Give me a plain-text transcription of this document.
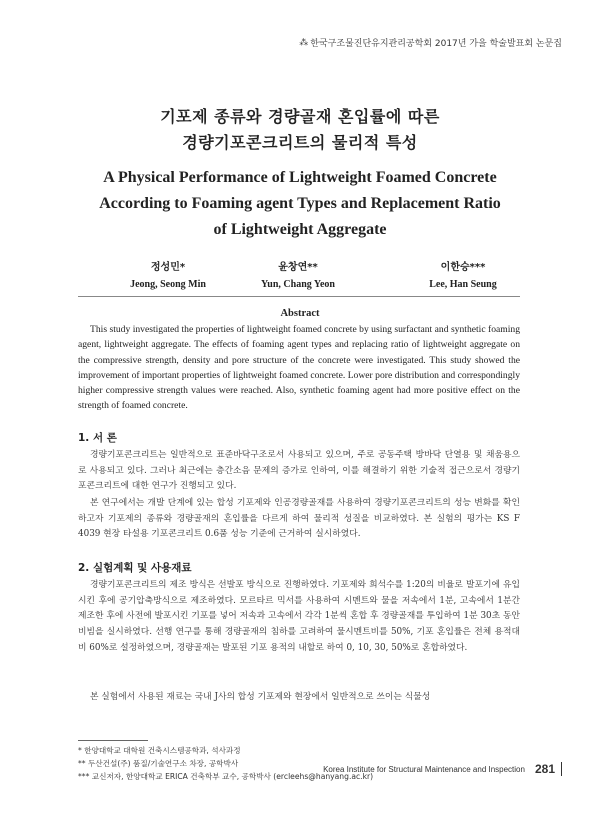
⁂ 한국구조물진단유지관리공학회 2017년 가을 학술발표회 논문집
기포제 종류와 경량골재 혼입률에 따른
경량기포콘크리트의 물리적 특성
A Physical Performance of Lightweight Foamed Concrete
According to Foaming agent Types and Replacement Ratio
of Lightweight Aggregate
정성민*
Jeong, Seong Min
윤창연**
Yun, Chang Yeon
이한승***
Lee, Han Seung
Abstract

This study investigated the properties of lightweight foamed concrete by using surfactant and synthetic foaming agent, lightweight aggregate. The effects of foaming agent types and replacing ratio of lightweight aggregate on the compressive strength, density and pore structure of the concrete were investigated. This study showed the improvement of important properties of lightweight foamed concrete. Lower pore distribution and correspondingly higher compressive strength values were reached. Also, synthetic foaming agent had more positive effect on the strength of foamed concrete.

1. 서 론

경량기포콘크리트는 일반적으로 표준바닥구조로서 사용되고 있으며, 주로 공동주택 방바닥 단열용 및 채움용으로 사용되고 있다. 그러나 최근에는 층간소음 문제의 증가로 인하여, 이를 해결하기 위한 기술적 접근으로서 경량기포콘크리트에 대한 연구가 진행되고 있다.

본 연구에서는 개발 단계에 있는 합성 기포제와 인공경량골재를 사용하여 경량기포콘크리트의 성능 변화를 확인하고자 기포제의 종류와 경량골재의 혼입률을 다르게 하여 물리적 성질을 비교하였다. 본 실험의 평가는 KS F 4039 현장 타설용 기포콘크리트 0.6품 성능 기준에 근거하여 실시하였다.

2. 실험계획 및 사용재료

경량기포콘크리트의 제조 방식은 선발포 방식으로 진행하였다. 기포제와 희석수를 1:20의 비율로 발포기에 유입시킨 후에 공기압축방식으로 제조하였다. 모르타르 믹서를 사용하여 시멘트와 물을 저속에서 1분, 고속에서 1분간 제조한 후에 사전에 발포시킨 기포를 넣어 저속과 고속에서 각각 1분씩 혼합 후 경량골재를 투입하여 1분 30초 동안 비빔을 실시하였다. 선행 연구를 통해 경량골재의 침하를 고려하여 물시멘트비를 50%, 기포 혼입률은 전체 용적대비 60%로 설정하였으며, 경량골재는 발포된 기포 용적의 내할로 하여 0, 10, 30, 50%로 혼합하였다.

본 실험에서 사용된 재료는 국내 J사의 합성 기포제와 현장에서 일반적으로 쓰이는 식물성

* 한양대학교 대학원 건축시스템공학과, 석사과정
** 두산건설(주) 품질/기술연구소 차장, 공학박사
*** 교신저자, 한양대학교 ERICA 건축학부 교수, 공학박사 (ercleehs@hanyang.ac.kr)
Korea Institute for Structural Maintenance and Inspection 281
